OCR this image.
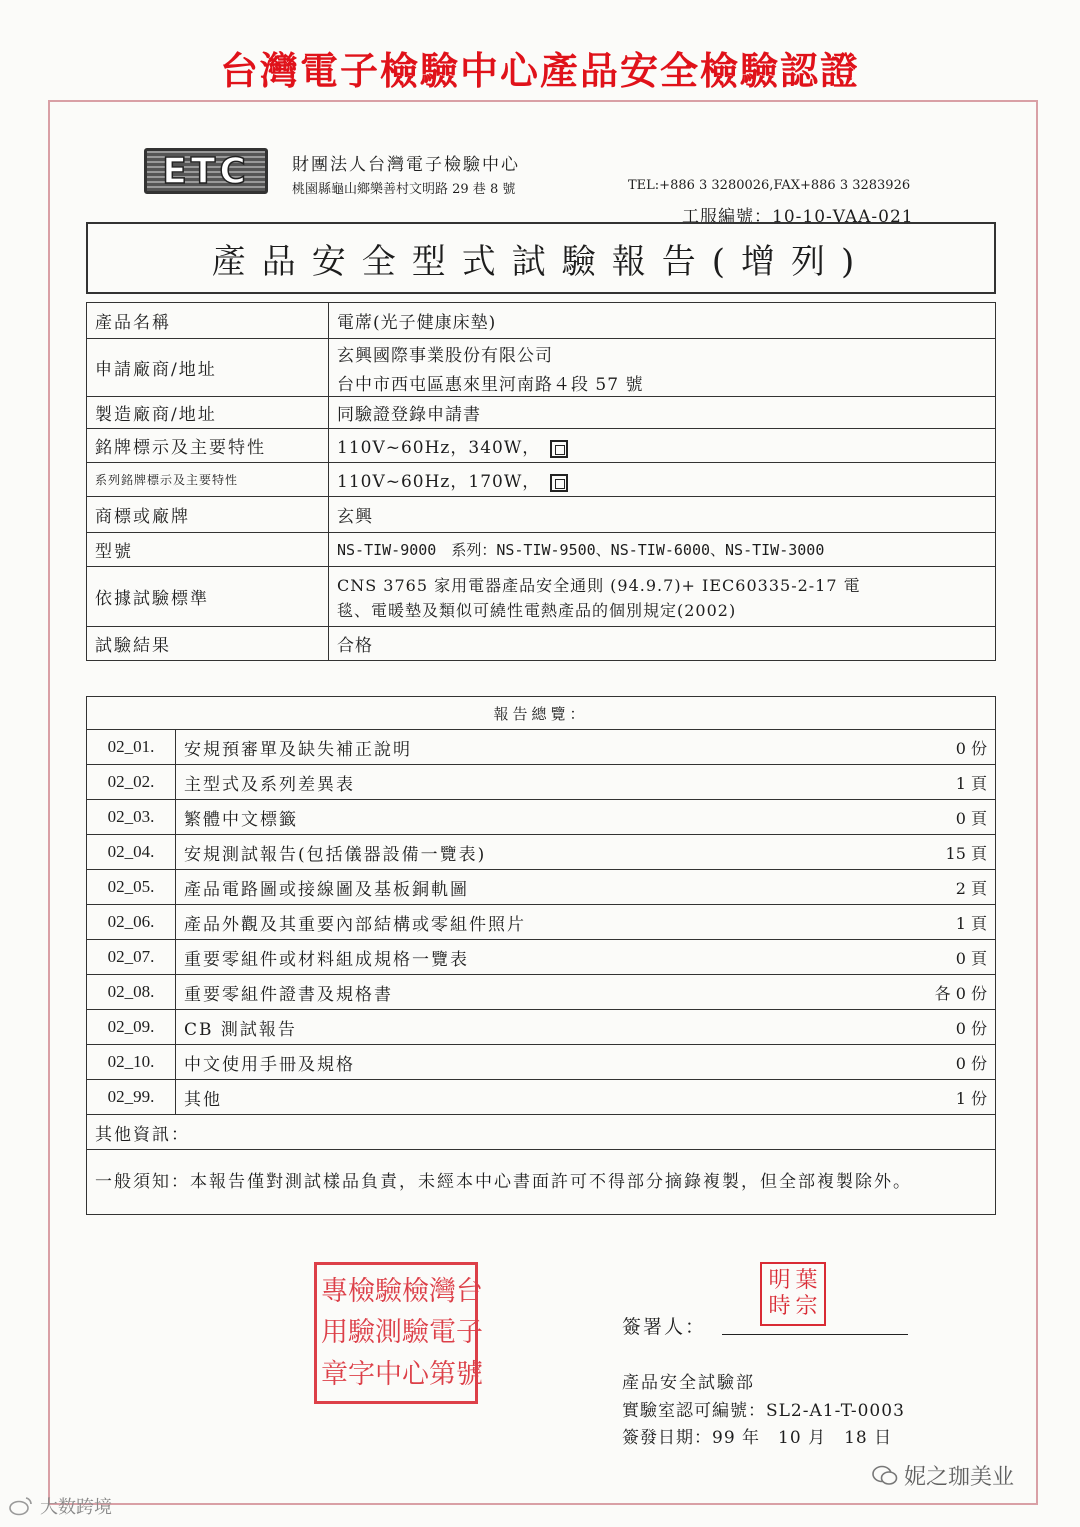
台灣電子檢驗中心產品安全檢驗認證
ETC	財團法人台灣電子檢驗中心
桃園縣龜山鄉樂善村文明路 29 巷 8 號	TEL:+886 3 3280026,FAX+886 3 3283926
工服編號：10-10-VAA-021
產品安全型式試驗報告(增列)
產品名稱	電蓆(光子健康床墊)
申請廠商/地址	玄興國際事業股份有限公司
台中市西屯區惠來里河南路４段 57 號

製造廠商/地址	同驗證登錄申請書
銘牌標示及主要特性	110V~60Hz，340W，
系列銘牌標示及主要特性	110V~60Hz，170W，
商標或廠牌	玄興
型號	NS-TIW-9000　系列：NS-TIW-9500、NS-TIW-6000、NS-TIW-3000
依據試驗標準	CNS 3765 家用電器產品安全通則 (94.9.7)+ IEC60335-2-17 電
毯、電暖墊及類似可繞性電熱產品的個別規定(2002)

試驗結果	合格
報告總覽：		
02_01.	安規預審單及缺失補正說明	0 份
02_02.	主型式及系列差異表	1 頁
02_03.	繁體中文標籤	0 頁
02_04.	安規測試報告(包括儀器設備一覽表)	15 頁
02_05.	產品電路圖或接線圖及基板銅軌圖	2 頁
02_06.	產品外觀及其重要內部結構或零組件照片	1 頁
02_07.	重要零組件或材料組成規格一覽表	0 頁
02_08.	重要零組件證書及規格書	各 0 份
02_09.	CB 測試報告	0 份
02_10.	中文使用手冊及規格	0 份
02_99.	其他	1 份
其他資訊：		
一般須知：本報告僅對測試樣品負責，未經本中心書面許可不得部分摘錄複製，但全部複製除外。		
專 檢 驗 檢 灣 台
用 驗 測 驗 電 子
章 字 中 心 第 號
明 葉
時 宗
簽署人：
產品安全試驗部
實驗室認可編號：SL2-A1-T-0003
簽發日期：99 年　10 月　18 日
妮之珈美业
大数跨境
